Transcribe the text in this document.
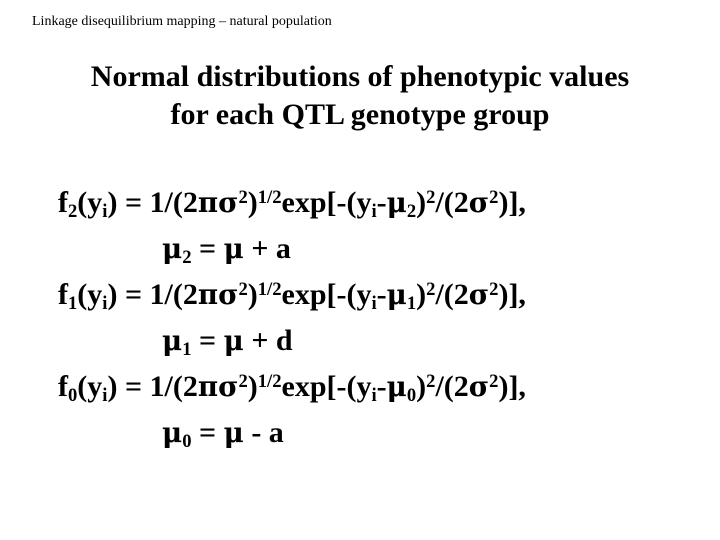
Linkage disequilibrium mapping – natural population
Normal distributions of phenotypic values
for each QTL genotype group
$f_2(y_i) = 1/(2\pi\sigma^2)^{1/2}\exp[-(y_i-\mu_2)^2/(2\sigma^2)]$,
$\mu_2 = \mu + a$
$f_1(y_i) = 1/(2\pi\sigma^2)^{1/2}\exp[-(y_i-\mu_1)^2/(2\sigma^2)]$,
$\mu_1 = \mu + d$
$f_0(y_i) = 1/(2\pi\sigma^2)^{1/2}\exp[-(y_i-\mu_0)^2/(2\sigma^2)]$,
$\mu_0 = \mu - a$
